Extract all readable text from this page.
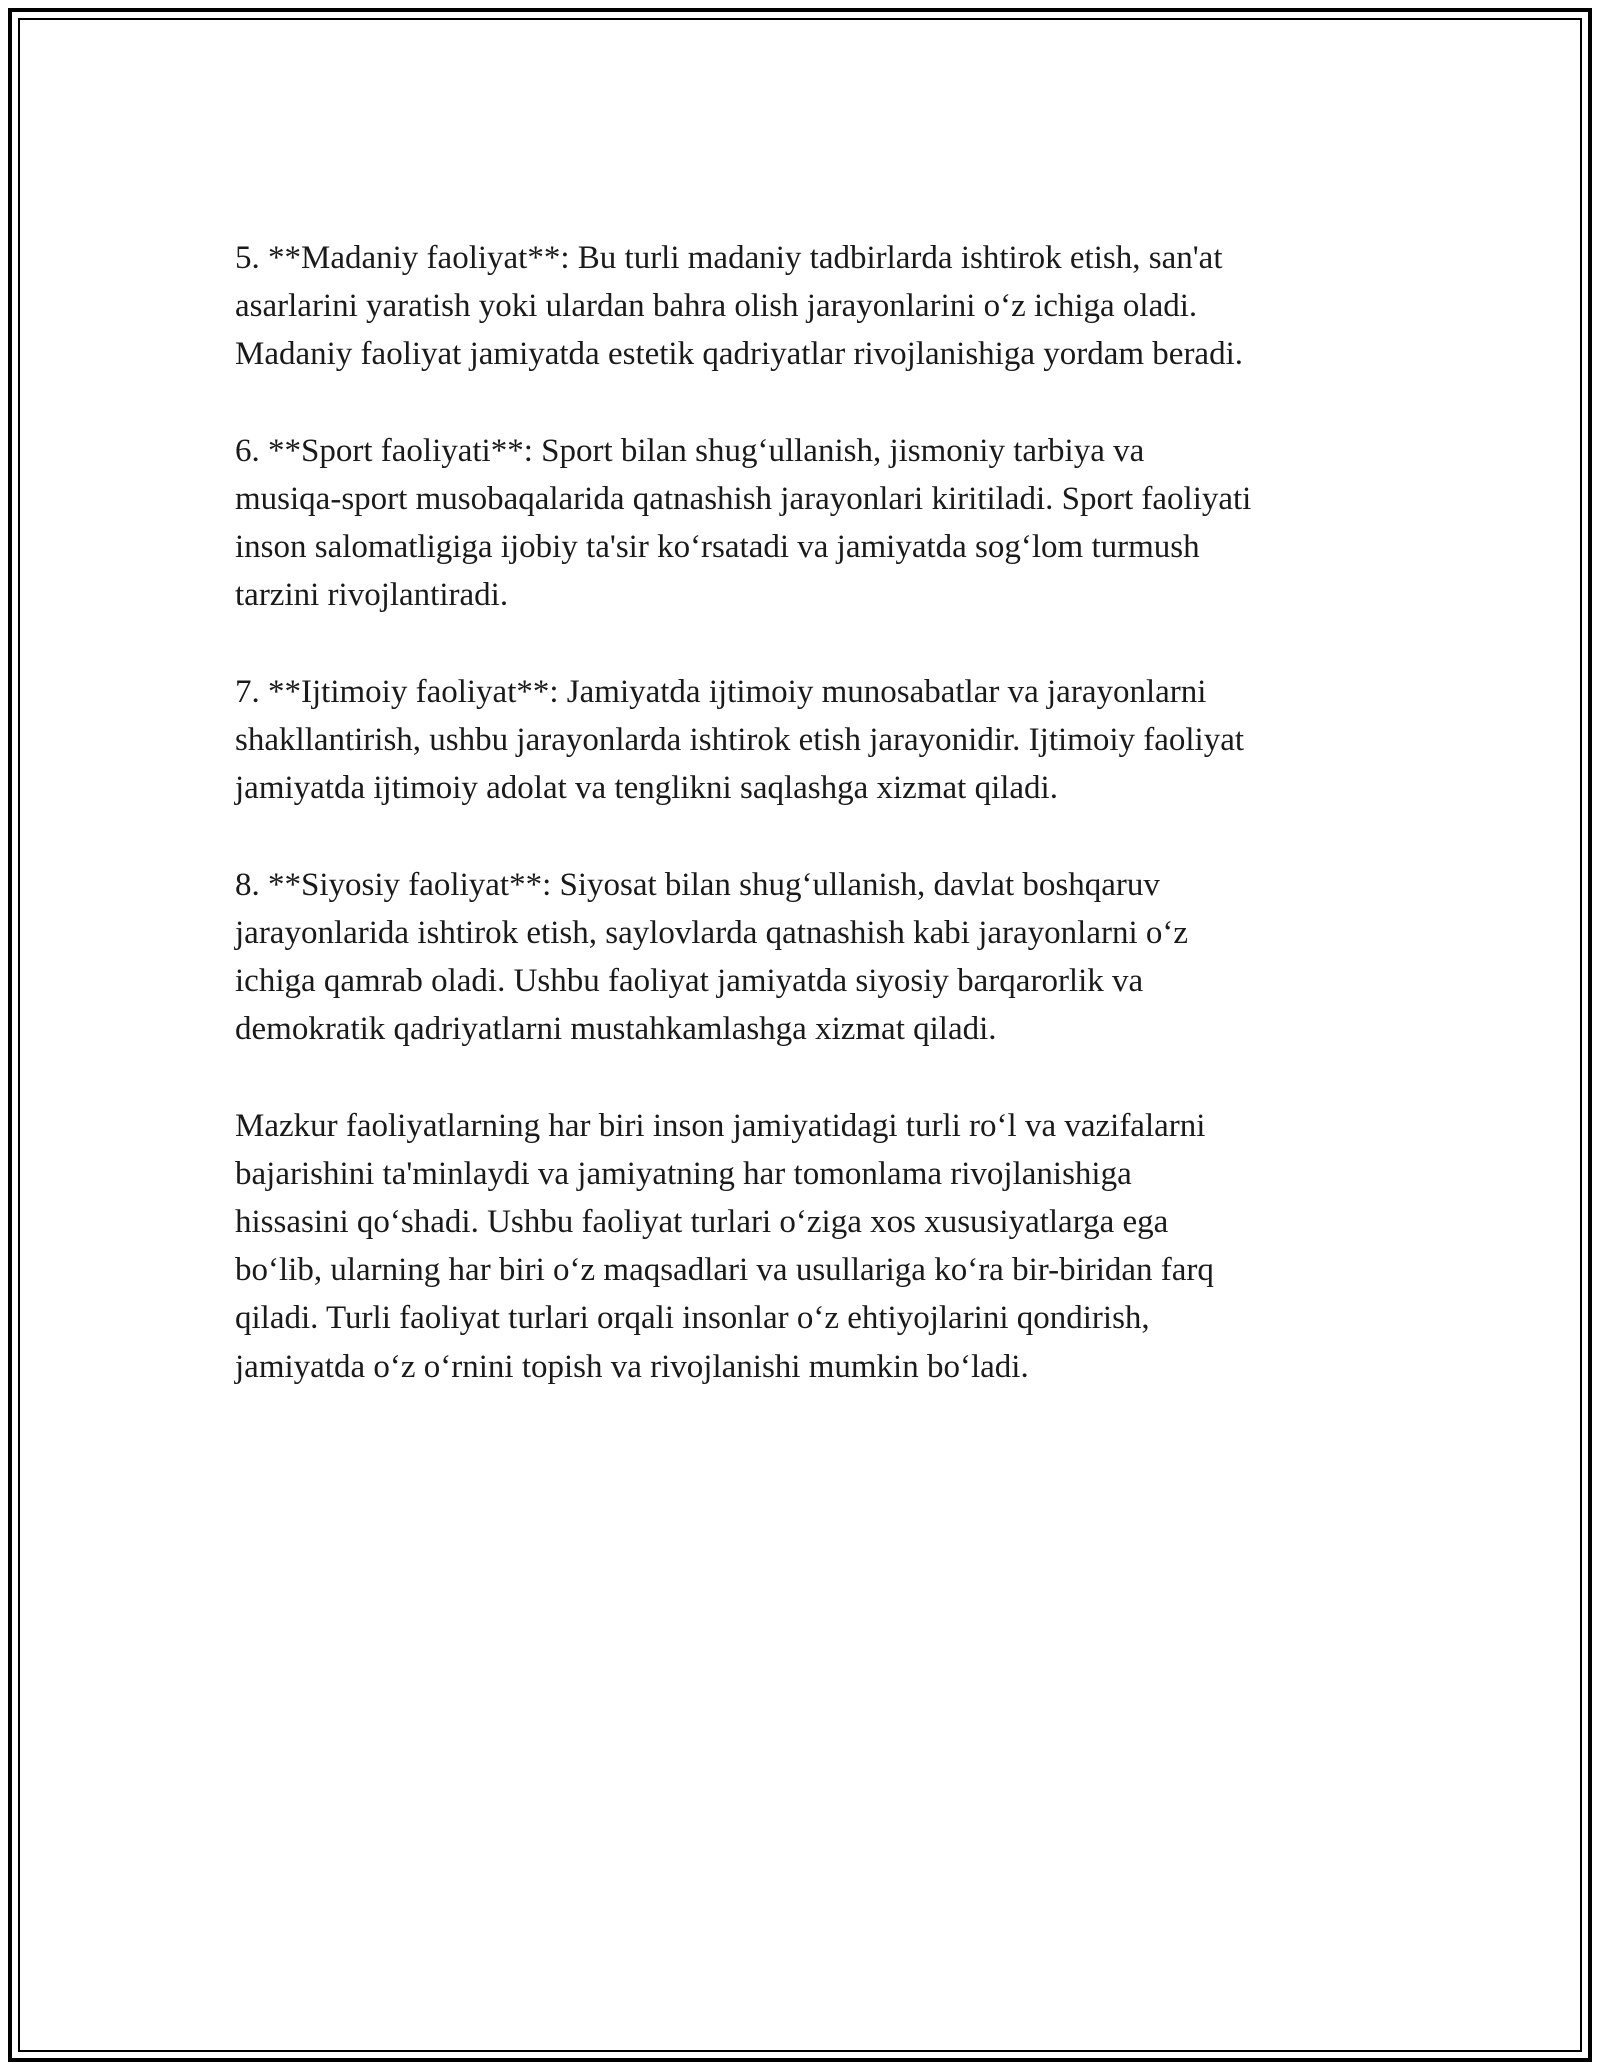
5. **Madaniy faoliyat**: Bu turli madaniy tadbirlarda ishtirok etish, san'at
asarlarini yaratish yoki ulardan bahra olish jarayonlarini o‘z ichiga oladi.
Madaniy faoliyat jamiyatda estetik qadriyatlar rivojlanishiga yordam beradi.

6. **Sport faoliyati**: Sport bilan shug‘ullanish, jismoniy tarbiya va
musiqa-sport musobaqalarida qatnashish jarayonlari kiritiladi. Sport faoliyati
inson salomatligiga ijobiy ta'sir ko‘rsatadi va jamiyatda sog‘lom turmush
tarzini rivojlantiradi.

7. **Ijtimoiy faoliyat**: Jamiyatda ijtimoiy munosabatlar va jarayonlarni
shakllantirish, ushbu jarayonlarda ishtirok etish jarayonidir. Ijtimoiy faoliyat
jamiyatda ijtimoiy adolat va tenglikni saqlashga xizmat qiladi.

8. **Siyosiy faoliyat**: Siyosat bilan shug‘ullanish, davlat boshqaruv
jarayonlarida ishtirok etish, saylovlarda qatnashish kabi jarayonlarni o‘z
ichiga qamrab oladi. Ushbu faoliyat jamiyatda siyosiy barqarorlik va
demokratik qadriyatlarni mustahkamlashga xizmat qiladi.

Mazkur faoliyatlarning har biri inson jamiyatidagi turli ro‘l va vazifalarni
bajarishini ta'minlaydi va jamiyatning har tomonlama rivojlanishiga
hissasini qo‘shadi. Ushbu faoliyat turlari o‘ziga xos xususiyatlarga ega
bo‘lib, ularning har biri o‘z maqsadlari va usullariga ko‘ra bir-biridan farq
qiladi. Turli faoliyat turlari orqali insonlar o‘z ehtiyojlarini qondirish,
jamiyatda o‘z o‘rnini topish va rivojlanishi mumkin bo‘ladi.
